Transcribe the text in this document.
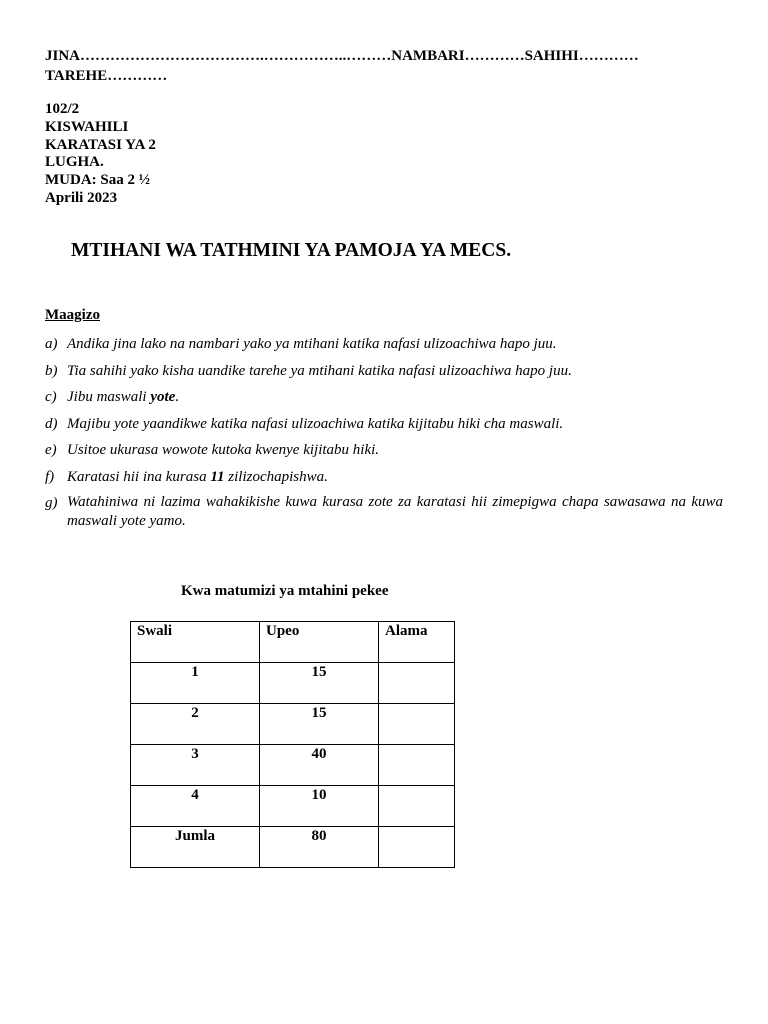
JINA……………………………….……………..………NAMBARI…………SAHIHI…………
TAREHE…………
102/2
KISWAHILI
KARATASI YA 2
LUGHA.
MUDA: Saa 2 ½
Aprili 2023
MTIHANI WA TATHMINI YA PAMOJA YA MECS.
Maagizo
a) Andika jina lako na nambari yako ya mtihani katika nafasi ulizoachiwa hapo juu.
b) Tia sahihi yako kisha uandike tarehe ya mtihani katika nafasi ulizoachiwa hapo juu.
c) Jibu maswali yote.
d) Majibu yote yaandikwe katika nafasi ulizoachiwa katika kijitabu hiki cha maswali.
e) Usitoe ukurasa wowote kutoka kwenye kijitabu hiki.
f) Karatasi hii ina kurasa 11 zilizochapishwa.
g) Watahiniwa ni lazima wahakikishe kuwa kurasa zote za karatasi hii zimepigwa chapa sawasawa na kuwa
maswali yote yamo.
Kwa matumizi ya mtahini pekee
Swali	Upeo	Alama
1	15	
2	15	
3	40	
4	10	
Jumla	80	
